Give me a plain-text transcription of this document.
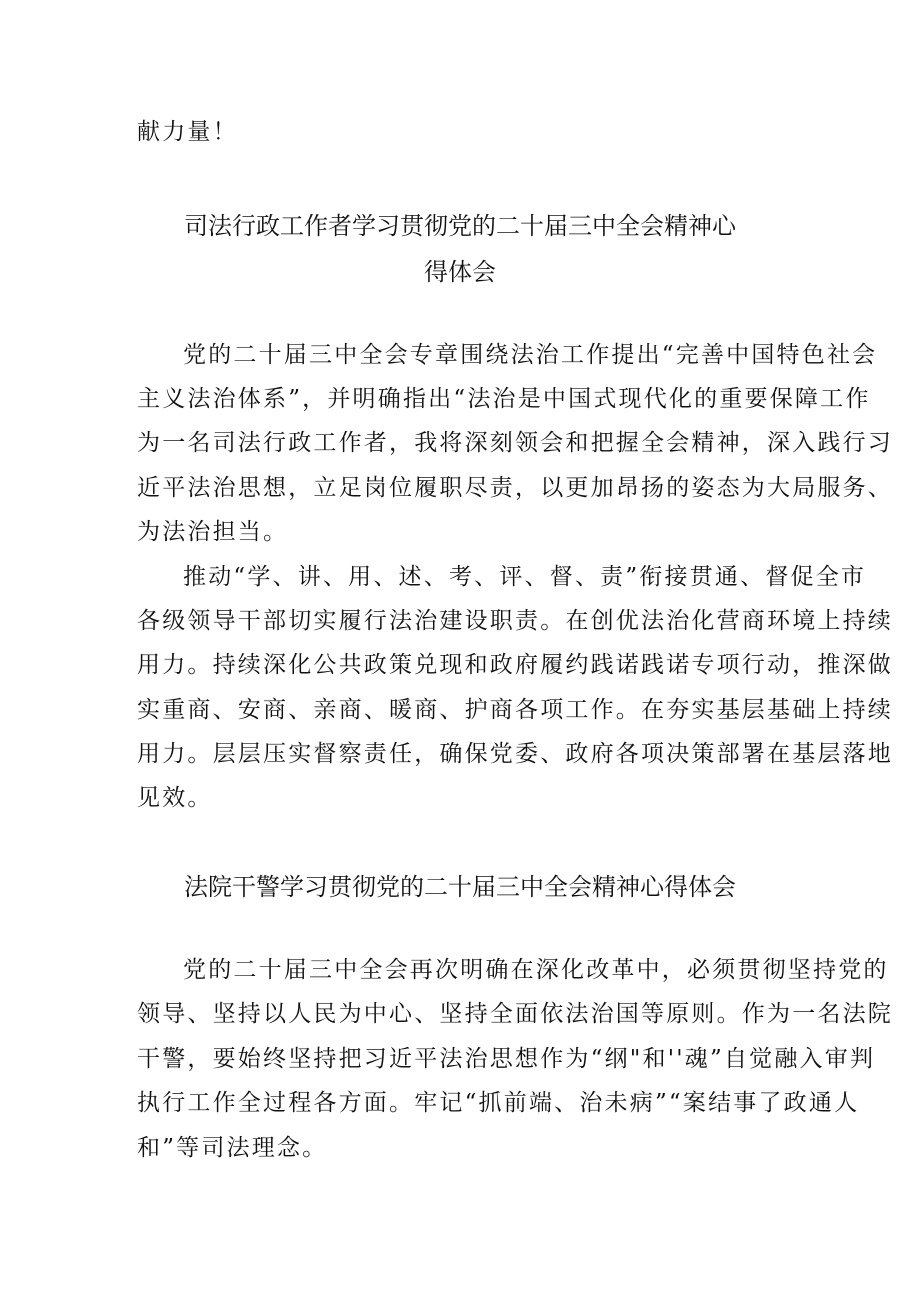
献力量！
司法行政工作者学习贯彻党的二十届三中全会精神心
得体会
党的二十届三中全会专章围绕法治工作提出“完善中国特色社会
主义法治体系”，并明确指出“法治是中国式现代化的重要保障工作
为一名司法行政工作者，我将深刻领会和把握全会精神，深入践行习
近平法治思想，立足岗位履职尽责，以更加昂扬的姿态为大局服务、
为法治担当。
推动“学、讲、用、述、考、评、督、责”衔接贯通、督促全市
各级领导干部切实履行法治建设职责。在创优法治化营商环境上持续
用力。持续深化公共政策兑现和政府履约践诺践诺专项行动，推深做
实重商、安商、亲商、暖商、护商各项工作。在夯实基层基础上持续
用力。层层压实督察责任，确保党委、政府各项决策部署在基层落地
见效。
法院干警学习贯彻党的二十届三中全会精神心得体会
党的二十届三中全会再次明确在深化改革中，必须贯彻坚持党的
领导、坚持以人民为中心、坚持全面依法治国等原则。作为一名法院
干警，要始终坚持把习近平法治思想作为“纲"和''魂”自觉融入审判
执行工作全过程各方面。牢记“抓前端、治未病”“案结事了政通人
和”等司法理念。
